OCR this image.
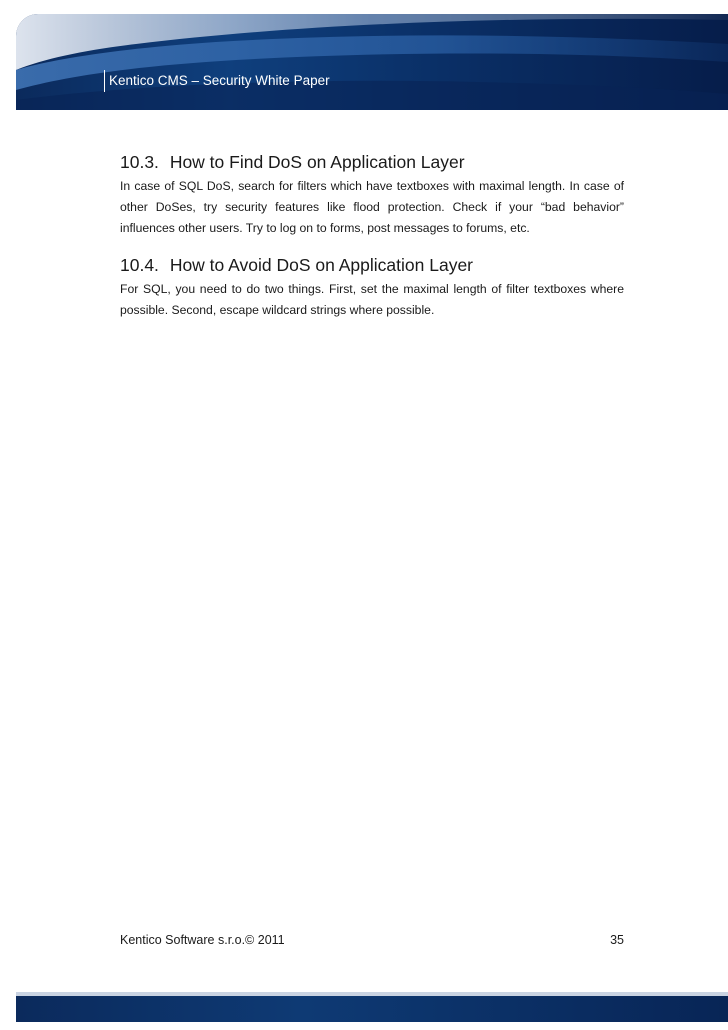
Kentico CMS – Security White Paper
10.3. How to Find DoS on Application Layer

In case of SQL DoS, search for filters which have textboxes with maximal length. In case of other DoSes, try security features like flood protection. Check if your “bad behavior” influences other users. Try to log on to forms, post messages to forums, etc.

10.4. How to Avoid DoS on Application Layer

For SQL, you need to do two things. First, set the maximal length of filter textboxes where possible. Second, escape wildcard strings where possible.

Kentico Software s.r.o.© 2011	35
